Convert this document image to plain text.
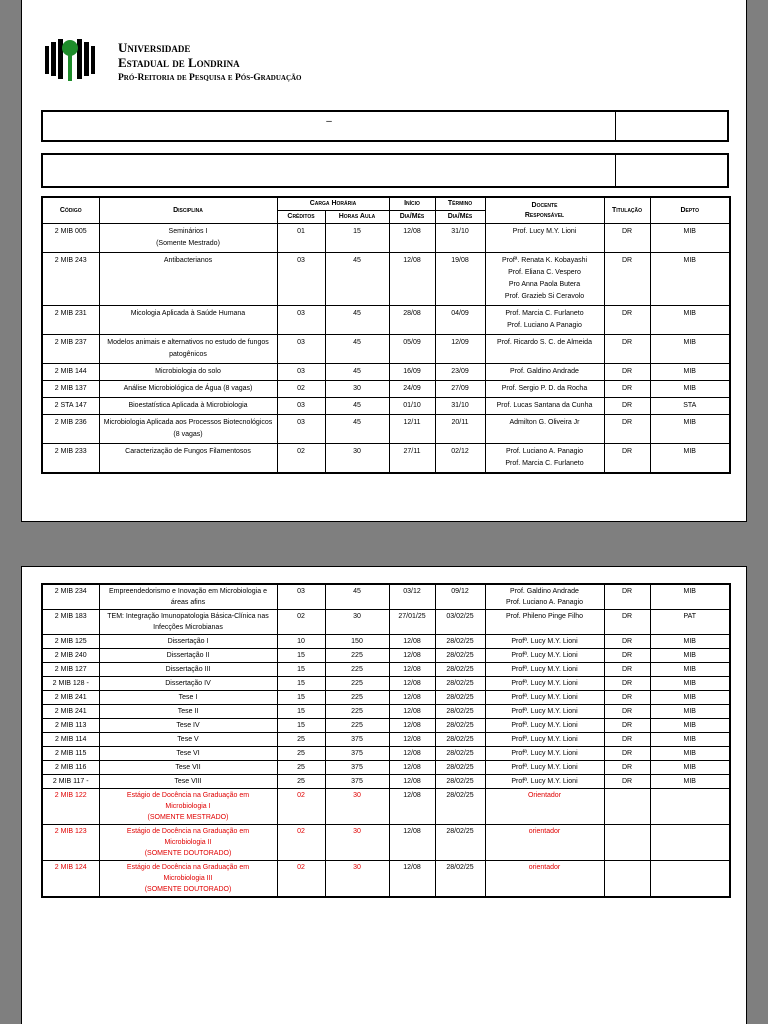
Universidade
Estadual de Londrina
Pró-Reitoria de Pesquisa e Pós-Graduação
–
Código	Disciplina	Carga Horária		Início	Término	Docente
Responsável	Titulação	Depto
		Créditos	Horas Aula	Dia/Mês	Dia/Mês			
2 MIB 005	Seminários I
(Somente Mestrado)	01	15	12/08	31/10	Prof. Lucy M.Y. Lioni	DR	MIB
2 MIB 243	Antibacterianos	03	45	12/08	19/08	Profª. Renata K. Kobayashi
Prof. Eliana C. Vespero
Pro Anna Paola Butera
Prof. Grazieb Si Ceravolo	DR	MIB
2 MIB 231	Micologia Aplicada à Saúde Humana	03	45	28/08	04/09	Prof. Marcia C. Furlaneto
Prof. Luciano A Panagio	DR	MIB
2 MIB 237	Modelos animais e alternativos no estudo de fungos patogênicos	03	45	05/09	12/09	Prof. Ricardo S. C. de Almeida	DR	MIB
2 MIB 144	Microbiologia do solo	03	45	16/09	23/09	Prof. Galdino Andrade	DR	MIB
2 MIB 137	Análise Microbiológica de Água (8 vagas)	02	30	24/09	27/09	Prof. Sergio P. D. da Rocha	DR	MIB
2 STA 147	Bioestatística Aplicada à Microbiologia	03	45	01/10	31/10	Prof. Lucas Santana da Cunha	DR	STA
2 MIB 236	Microbiologia Aplicada aos Processos Biotecnológicos (8 vagas)	03	45	12/11	20/11	Admilton G. Oliveira Jr	DR	MIB
2 MIB 233	Caracterização de Fungos Filamentosos	02	30	27/11	02/12	Prof. Luciano A. Panagio
Prof. Marcia C. Furlaneto	DR	MIB
2 MIB 234	Empreendedorismo e Inovação em Microbiologia e áreas afins	03	45	03/12	09/12	Prof. Galdino Andrade
Prof. Luciano A. Panagio	DR	MIB
2 MIB 183	TEM: Integração Imunopatologia Básica-Clínica nas Infecções Microbianas	02	30	27/01/25	03/02/25	Prof. Phileno Pinge Filho	DR	PAT
2 MIB 125	Dissertação I	10	150	12/08	28/02/25	Profª. Lucy M.Y. Lioni	DR	MIB
2 MIB 240	Dissertação II	15	225	12/08	28/02/25	Profª. Lucy M.Y. Lioni	DR	MIB
2 MIB 127	Dissertação III	15	225	12/08	28/02/25	Profª. Lucy M.Y. Lioni	DR	MIB
2 MIB 128 -	Dissertação IV	15	225	12/08	28/02/25	Profª. Lucy M.Y. Lioni	DR	MIB
2 MIB 241	Tese I	15	225	12/08	28/02/25	Profª. Lucy M.Y. Lioni	DR	MIB
2 MIB 241	Tese II	15	225	12/08	28/02/25	Profª. Lucy M.Y. Lioni	DR	MIB
2 MIB 113	Tese IV	15	225	12/08	28/02/25	Profª. Lucy M.Y. Lioni	DR	MIB
2 MIB 114	Tese V	25	375	12/08	28/02/25	Profª. Lucy M.Y. Lioni	DR	MIB
2 MIB 115	Tese VI	25	375	12/08	28/02/25	Profª. Lucy M.Y. Lioni	DR	MIB
2 MIB 116	Tese VII	25	375	12/08	28/02/25	Profª. Lucy M.Y. Lioni	DR	MIB
2 MIB 117 -	Tese VIII	25	375	12/08	28/02/25	Profª. Lucy M.Y. Lioni	DR	MIB
2 MIB 122	Estágio de Docência na Graduação em
Microbiologia I
(SOMENTE MESTRADO)	02	30	12/08	28/02/25	Orientador		

2 MIB 123	Estágio de Docência na Graduação em
Microbiologia II
(SOMENTE DOUTORADO)	02	30	12/08	28/02/25	orientador		

2 MIB 124	Estágio de Docência na Graduação em
Microbiologia III
(SOMENTE DOUTORADO)	02	30	12/08	28/02/25	orientador		
